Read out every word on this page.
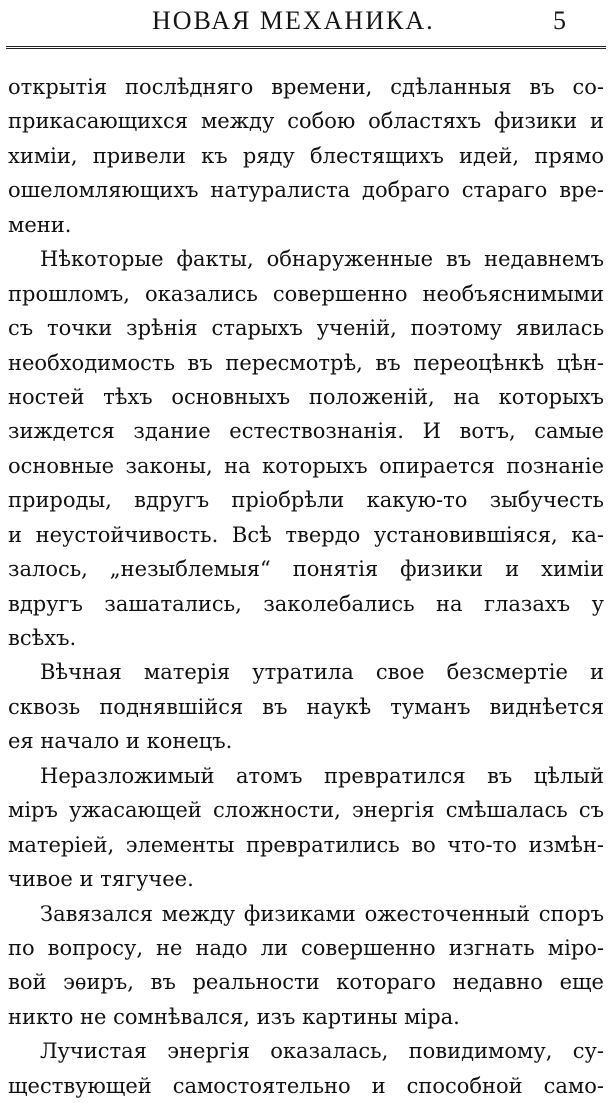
НОВАЯ МЕХАНИКА.	5
открытія послѣдняго времени, сдѣланныя въ со-
прикасающихся между собою областяхъ физики и
химіи, привели къ ряду блестящихъ идей, прямо
ошеломляющихъ натуралиста добраго стараго вре-
мени.
Нѣкоторые факты, обнаруженные въ недавнемъ
прошломъ, оказались совершенно необъяснимыми
съ точки зрѣнія старыхъ ученій, поэтому явилась
необходимость въ пересмотрѣ, въ переоцѣнкѣ цѣн-
ностей тѣхъ основныхъ положеній, на которыхъ
зиждется здание естествознанія. И вотъ, самые
основные законы, на которыхъ опирается познаніе
природы, вдругъ пріобрѣли какую-то зыбучесть
и неустойчивость. Всѣ твердо установившіяся, ка-
залось, „незыблемыя“ понятія физики и химіи
вдругъ зашатались, заколебались на глазахъ у
всѣхъ.
Вѣчная матерія утратила свое безсмертіе и
сквозь поднявшійся въ наукѣ туманъ виднѣется
ея начало и конецъ.
Неразложимый атомъ превратился въ цѣлый
міръ ужасающей сложности, энергія смѣшалась съ
матеріей, элементы превратились во что-то измѣн-
чивое и тягучее.
Завязался между физиками ожесточенный споръ
по вопросу, не надо ли совершенно изгнать міро-
вой эѳиръ, въ реальности котораго недавно еще
никто не сомнѣвался, изъ картины міра.
Лучистая энергія оказалась, повидимому, су-
ществующей самостоятельно и способной само-
